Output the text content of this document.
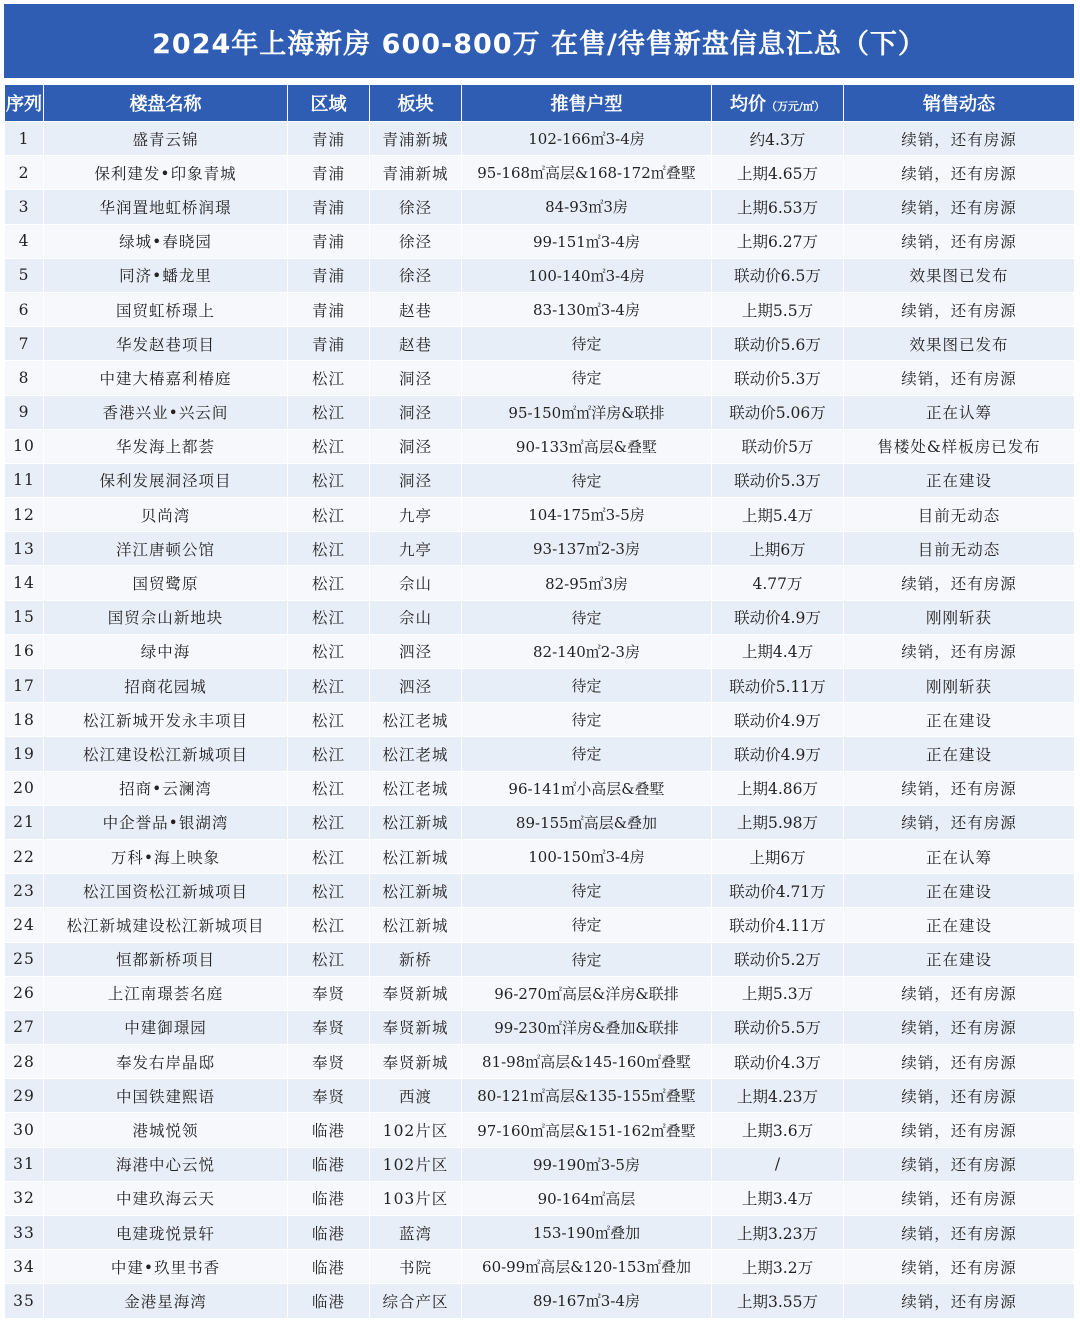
2024年上海新房 600-800万 在售/待售新盘信息汇总（下）
序列	楼盘名称	区域	板块	推售户型	均价（万元/㎡）	销售动态
1	盛青云锦	青浦	青浦新城	102-166㎡3-4房	约4.3万	续销，还有房源
2	保利建发•印象青城	青浦	青浦新城	95-168㎡高层&168-172㎡叠墅	上期4.65万	续销，还有房源
3	华润置地虹桥润璟	青浦	徐泾	84-93㎡3房	上期6.53万	续销，还有房源
4	绿城•春晓园	青浦	徐泾	99-151㎡3-4房	上期6.27万	续销，还有房源
5	同济•蟠龙里	青浦	徐泾	100-140㎡3-4房	联动价6.5万	效果图已发布
6	国贸虹桥璟上	青浦	赵巷	83-130㎡3-4房	上期5.5万	续销，还有房源
7	华发赵巷项目	青浦	赵巷	待定	联动价5.6万	效果图已发布
8	中建大椿嘉利椿庭	松江	洞泾	待定	联动价5.3万	续销，还有房源
9	香港兴业•兴云间	松江	洞泾	95-150㎡㎡洋房&联排	联动价5.06万	正在认筹
10	华发海上都荟	松江	洞泾	90-133㎡高层&叠墅	联动价5万	售楼处&样板房已发布
11	保利发展洞泾项目	松江	洞泾	待定	联动价5.3万	正在建设
12	贝尚湾	松江	九亭	104-175㎡3-5房	上期5.4万	目前无动态
13	洋江唐顿公馆	松江	九亭	93-137㎡2-3房	上期6万	目前无动态
14	国贸鹭原	松江	佘山	82-95㎡3房	4.77万	续销，还有房源
15	国贸佘山新地块	松江	佘山	待定	联动价4.9万	刚刚斩获
16	绿中海	松江	泗泾	82-140㎡2-3房	上期4.4万	续销，还有房源
17	招商花园城	松江	泗泾	待定	联动价5.11万	刚刚斩获
18	松江新城开发永丰项目	松江	松江老城	待定	联动价4.9万	正在建设
19	松江建设松江新城项目	松江	松江老城	待定	联动价4.9万	正在建设
20	招商•云澜湾	松江	松江老城	96-141㎡小高层&叠墅	上期4.86万	续销，还有房源
21	中企誉品•银湖湾	松江	松江新城	89-155㎡高层&叠加	上期5.98万	续销，还有房源
22	万科•海上映象	松江	松江新城	100-150㎡3-4房	上期6万	正在认筹
23	松江国资松江新城项目	松江	松江新城	待定	联动价4.71万	正在建设
24	松江新城建设松江新城项目	松江	松江新城	待定	联动价4.11万	正在建设
25	恒都新桥项目	松江	新桥	待定	联动价5.2万	正在建设
26	上江南璟荟名庭	奉贤	奉贤新城	96-270㎡高层&洋房&联排	上期5.3万	续销，还有房源
27	中建御璟园	奉贤	奉贤新城	99-230㎡洋房&叠加&联排	联动价5.5万	续销，还有房源
28	奉发右岸晶邸	奉贤	奉贤新城	81-98㎡高层&145-160㎡叠墅	联动价4.3万	续销，还有房源
29	中国铁建熙语	奉贤	西渡	80-121㎡高层&135-155㎡叠墅	上期4.23万	续销，还有房源
30	港城悦领	临港	102片区	97-160㎡高层&151-162㎡叠墅	上期3.6万	续销，还有房源
31	海港中心云悦	临港	102片区	99-190㎡3-5房	/	续销，还有房源
32	中建玖海云天	临港	103片区	90-164㎡高层	上期3.4万	续销，还有房源
33	电建珑悦景轩	临港	蓝湾	153-190㎡叠加	上期3.23万	续销，还有房源
34	中建•玖里书香	临港	书院	60-99㎡高层&120-153㎡叠加	上期3.2万	续销，还有房源
35	金港星海湾	临港	综合产区	89-167㎡3-4房	上期3.55万	续销，还有房源
